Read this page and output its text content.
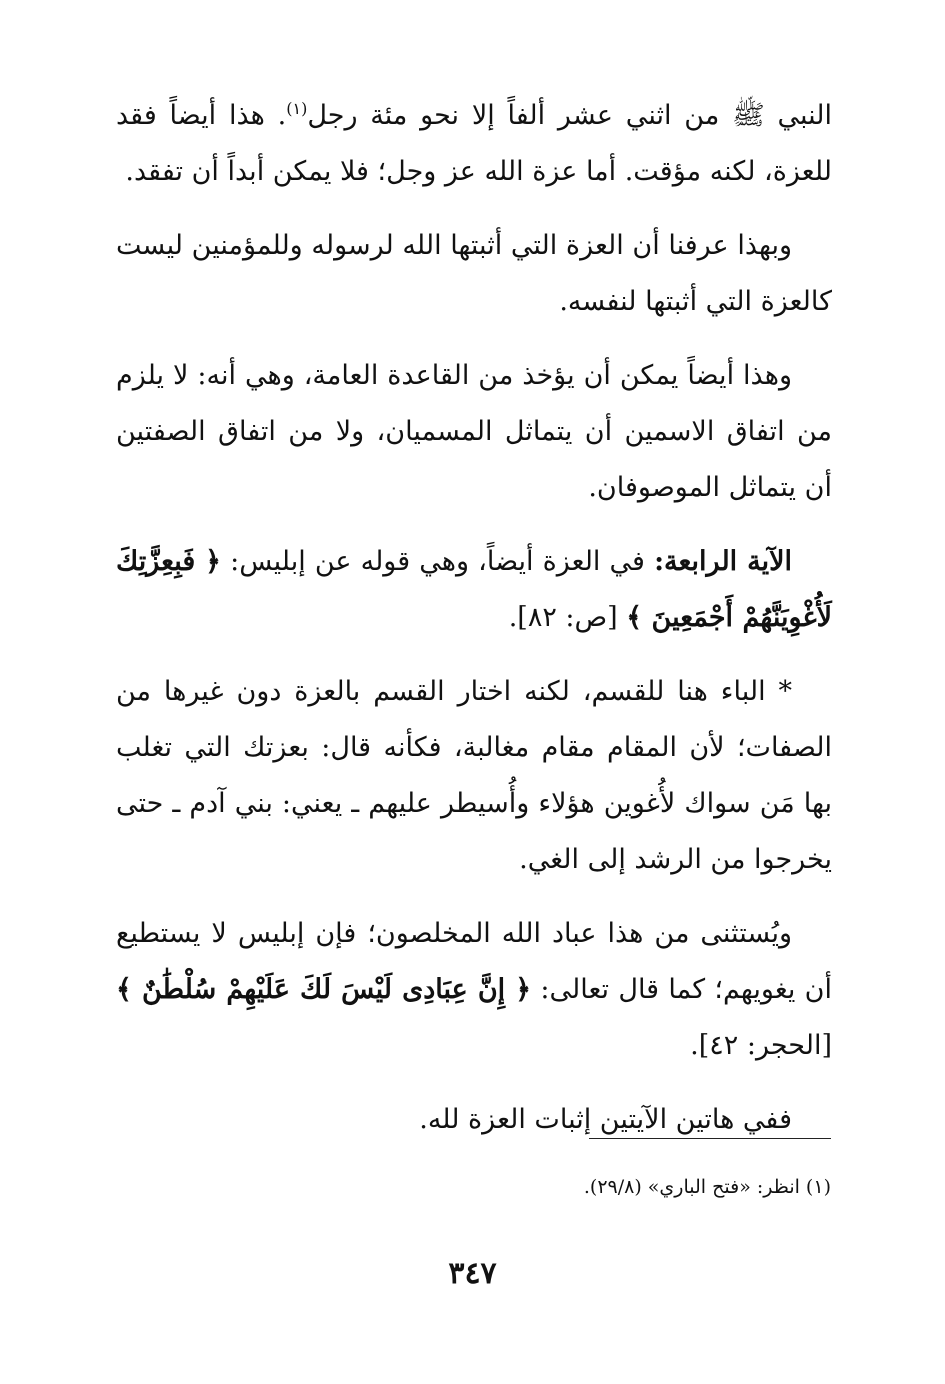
النبي ﷺ من اثني عشر ألفاً إلا نحو مئة رجل$^{(١)}$. هذا أيضاً فقد للعزة، لكنه مؤقت. أما عزة الله عز وجل؛ فلا يمكن أبداً أن تفقد.

وبهذا عرفنا أن العزة التي أثبتها الله لرسوله وللمؤمنين ليست كالعزة التي أثبتها لنفسه.

وهذا أيضاً يمكن أن يؤخذ من القاعدة العامة، وهي أنه: لا يلزم من اتفاق الاسمين أن يتماثل المسميان، ولا من اتفاق الصفتين أن يتماثل الموصوفان.

الآية الرابعة: في العزة أيضاً، وهي قوله عن إبليس: ﴿ فَبِعِزَّتِكَ لَأُغْوِيَنَّهُمْ أَجْمَعِينَ ﴾ [ص: ٨٢].

* الباء هنا للقسم، لكنه اختار القسم بالعزة دون غيرها من الصفات؛ لأن المقام مقام مغالبة، فكأنه قال: بعزتك التي تغلب بها مَن سواك لأُغوين هؤلاء وأُسيطر عليهم ـ يعني: بني آدم ـ حتى يخرجوا من الرشد إلى الغي.

ويُستثنى من هذا عباد الله المخلصون؛ فإن إبليس لا يستطيع أن يغويهم؛ كما قال تعالى: ﴿ إِنَّ عِبَادِى لَيْسَ لَكَ عَلَيْهِمْ سُلْطَٰنٌ ﴾ [الحجر: ٤٢].

ففي هاتين الآيتين إثبات العزة لله.

(١) انظر: «فتح الباري» (٢٩/٨).
٣٤٧
